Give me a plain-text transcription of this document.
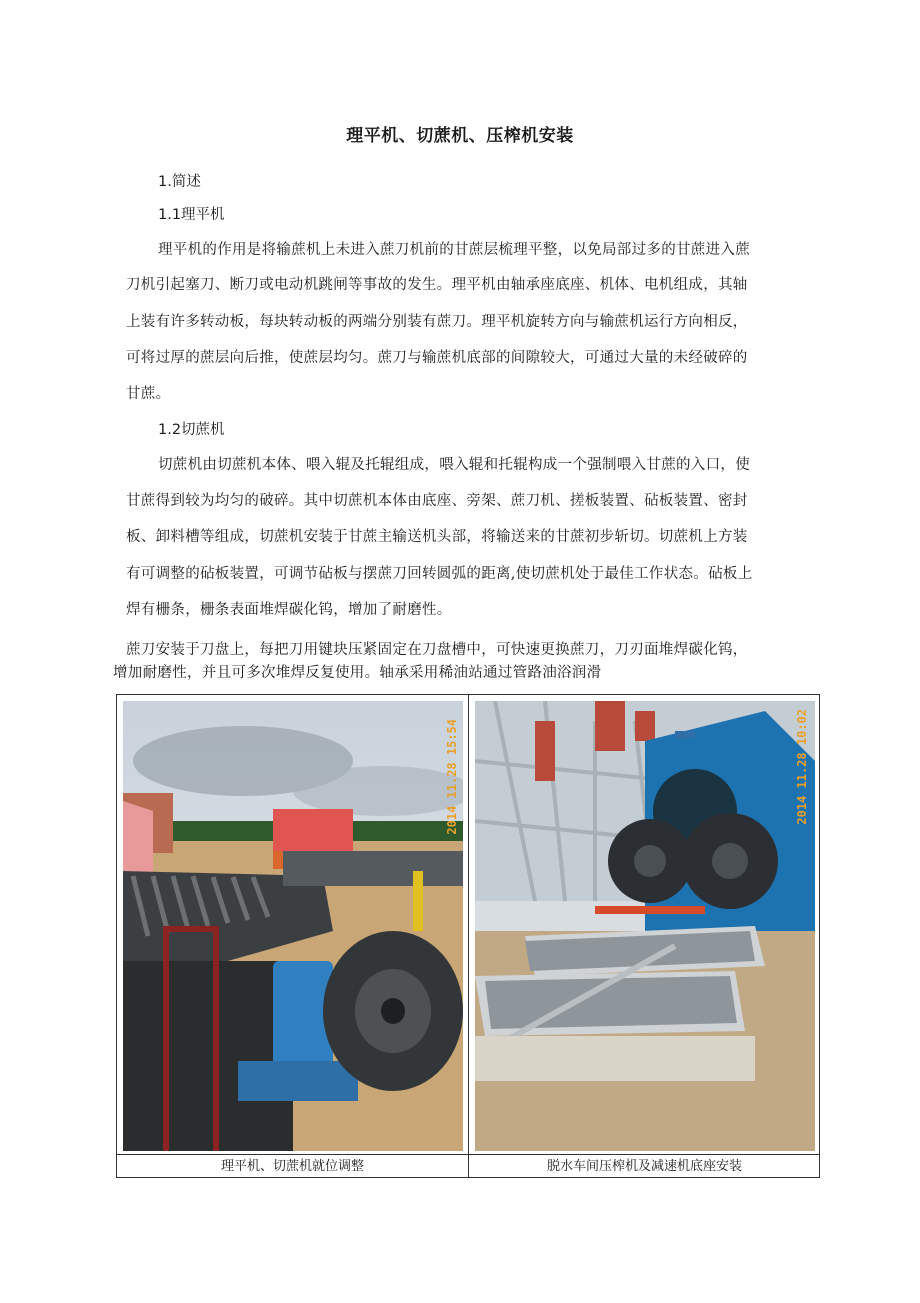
理平机、切蔗机、压榨机安装
1.简述
1.1理平机
理平机的作用是将输蔗机上未进入蔗刀机前的甘蔗层梳理平整，以免局部过多的甘蔗进入蔗
刀机引起塞刀、断刀或电动机跳闸等事故的发生。理平机由轴承座底座、机体、电机组成，其轴
上装有许多转动板，每块转动板的两端分别装有蔗刀。理平机旋转方向与输蔗机运行方向相反，
可将过厚的蔗层向后推，使蔗层均匀。蔗刀与输蔗机底部的间隙较大，可通过大量的未经破碎的
甘蔗。
1.2切蔗机
切蔗机由切蔗机本体、喂入辊及托辊组成，喂入辊和托辊构成一个强制喂入甘蔗的入口，使
甘蔗得到较为均匀的破碎。其中切蔗机本体由底座、旁架、蔗刀机、搓板装置、砧板装置、密封
板、卸料槽等组成，切蔗机安装于甘蔗主输送机头部，将输送来的甘蔗初步斩切。切蔗机上方装
有可调整的砧板装置，可调节砧板与摆蔗刀回转圆弧的距离,使切蔗机处于最佳工作状态。砧板上
焊有栅条，栅条表面堆焊碳化钨，增加了耐磨性。
蔗刀安装于刀盘上，每把刀用键块压紧固定在刀盘槽中，可快速更换蔗刀，刀刃面堆焊碳化钨，
增加耐磨性，并且可多次堆焊反复使用。轴承采用稀油站通过管路油浴润滑
2014 11.28 15:54	2014 11.28 10:02
理平机、切蔗机就位调整	脱水车间压榨机及减速机底座安装
